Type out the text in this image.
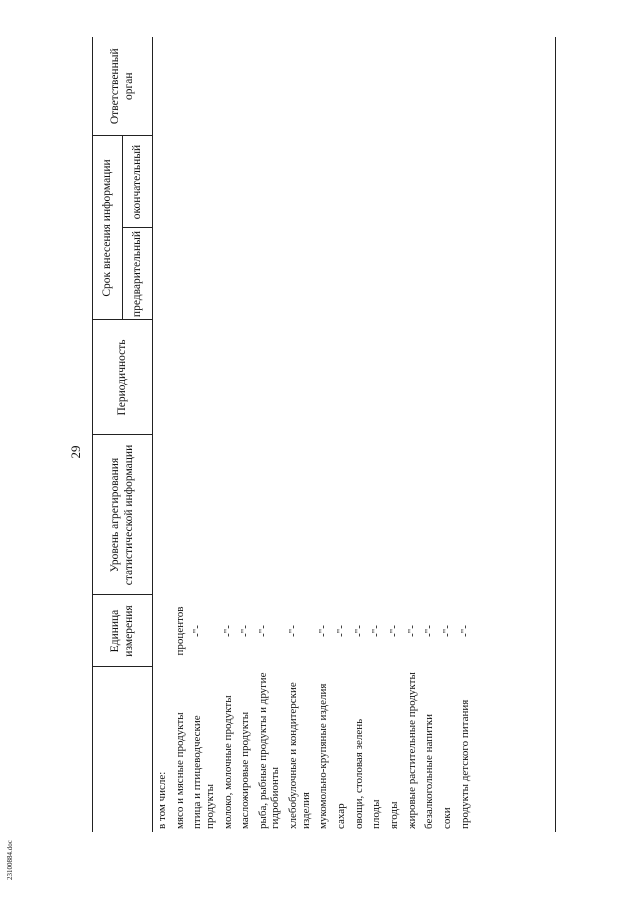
29
	Единица измерения	Уровень агрегирования статистической информации	Периодичность	Срок внесения информации		Ответственный орган
				предварительный	окончательный	
в том числе:						
мясо и мясные продукты	процентов					
птица и птицеводческие продукты	-"-					
молоко, молочные продукты	-"-					
масложировые продукты	-"-					
рыба, рыбные продукты и другие гидробионты	-"-					
хлебобулочные и кондитерские изделия	-"-					
мукомольно-крупяные изделия	-"-					
сахар	-"-					
овощи, столовая зелень	-"-					
плоды	-"-					
ягоды	-"-					
жировые растительные продукты	-"-					
безалкогольные напитки	-"-					
соки	-"-					
продукты детского питания	-"-					
23100884.doc
